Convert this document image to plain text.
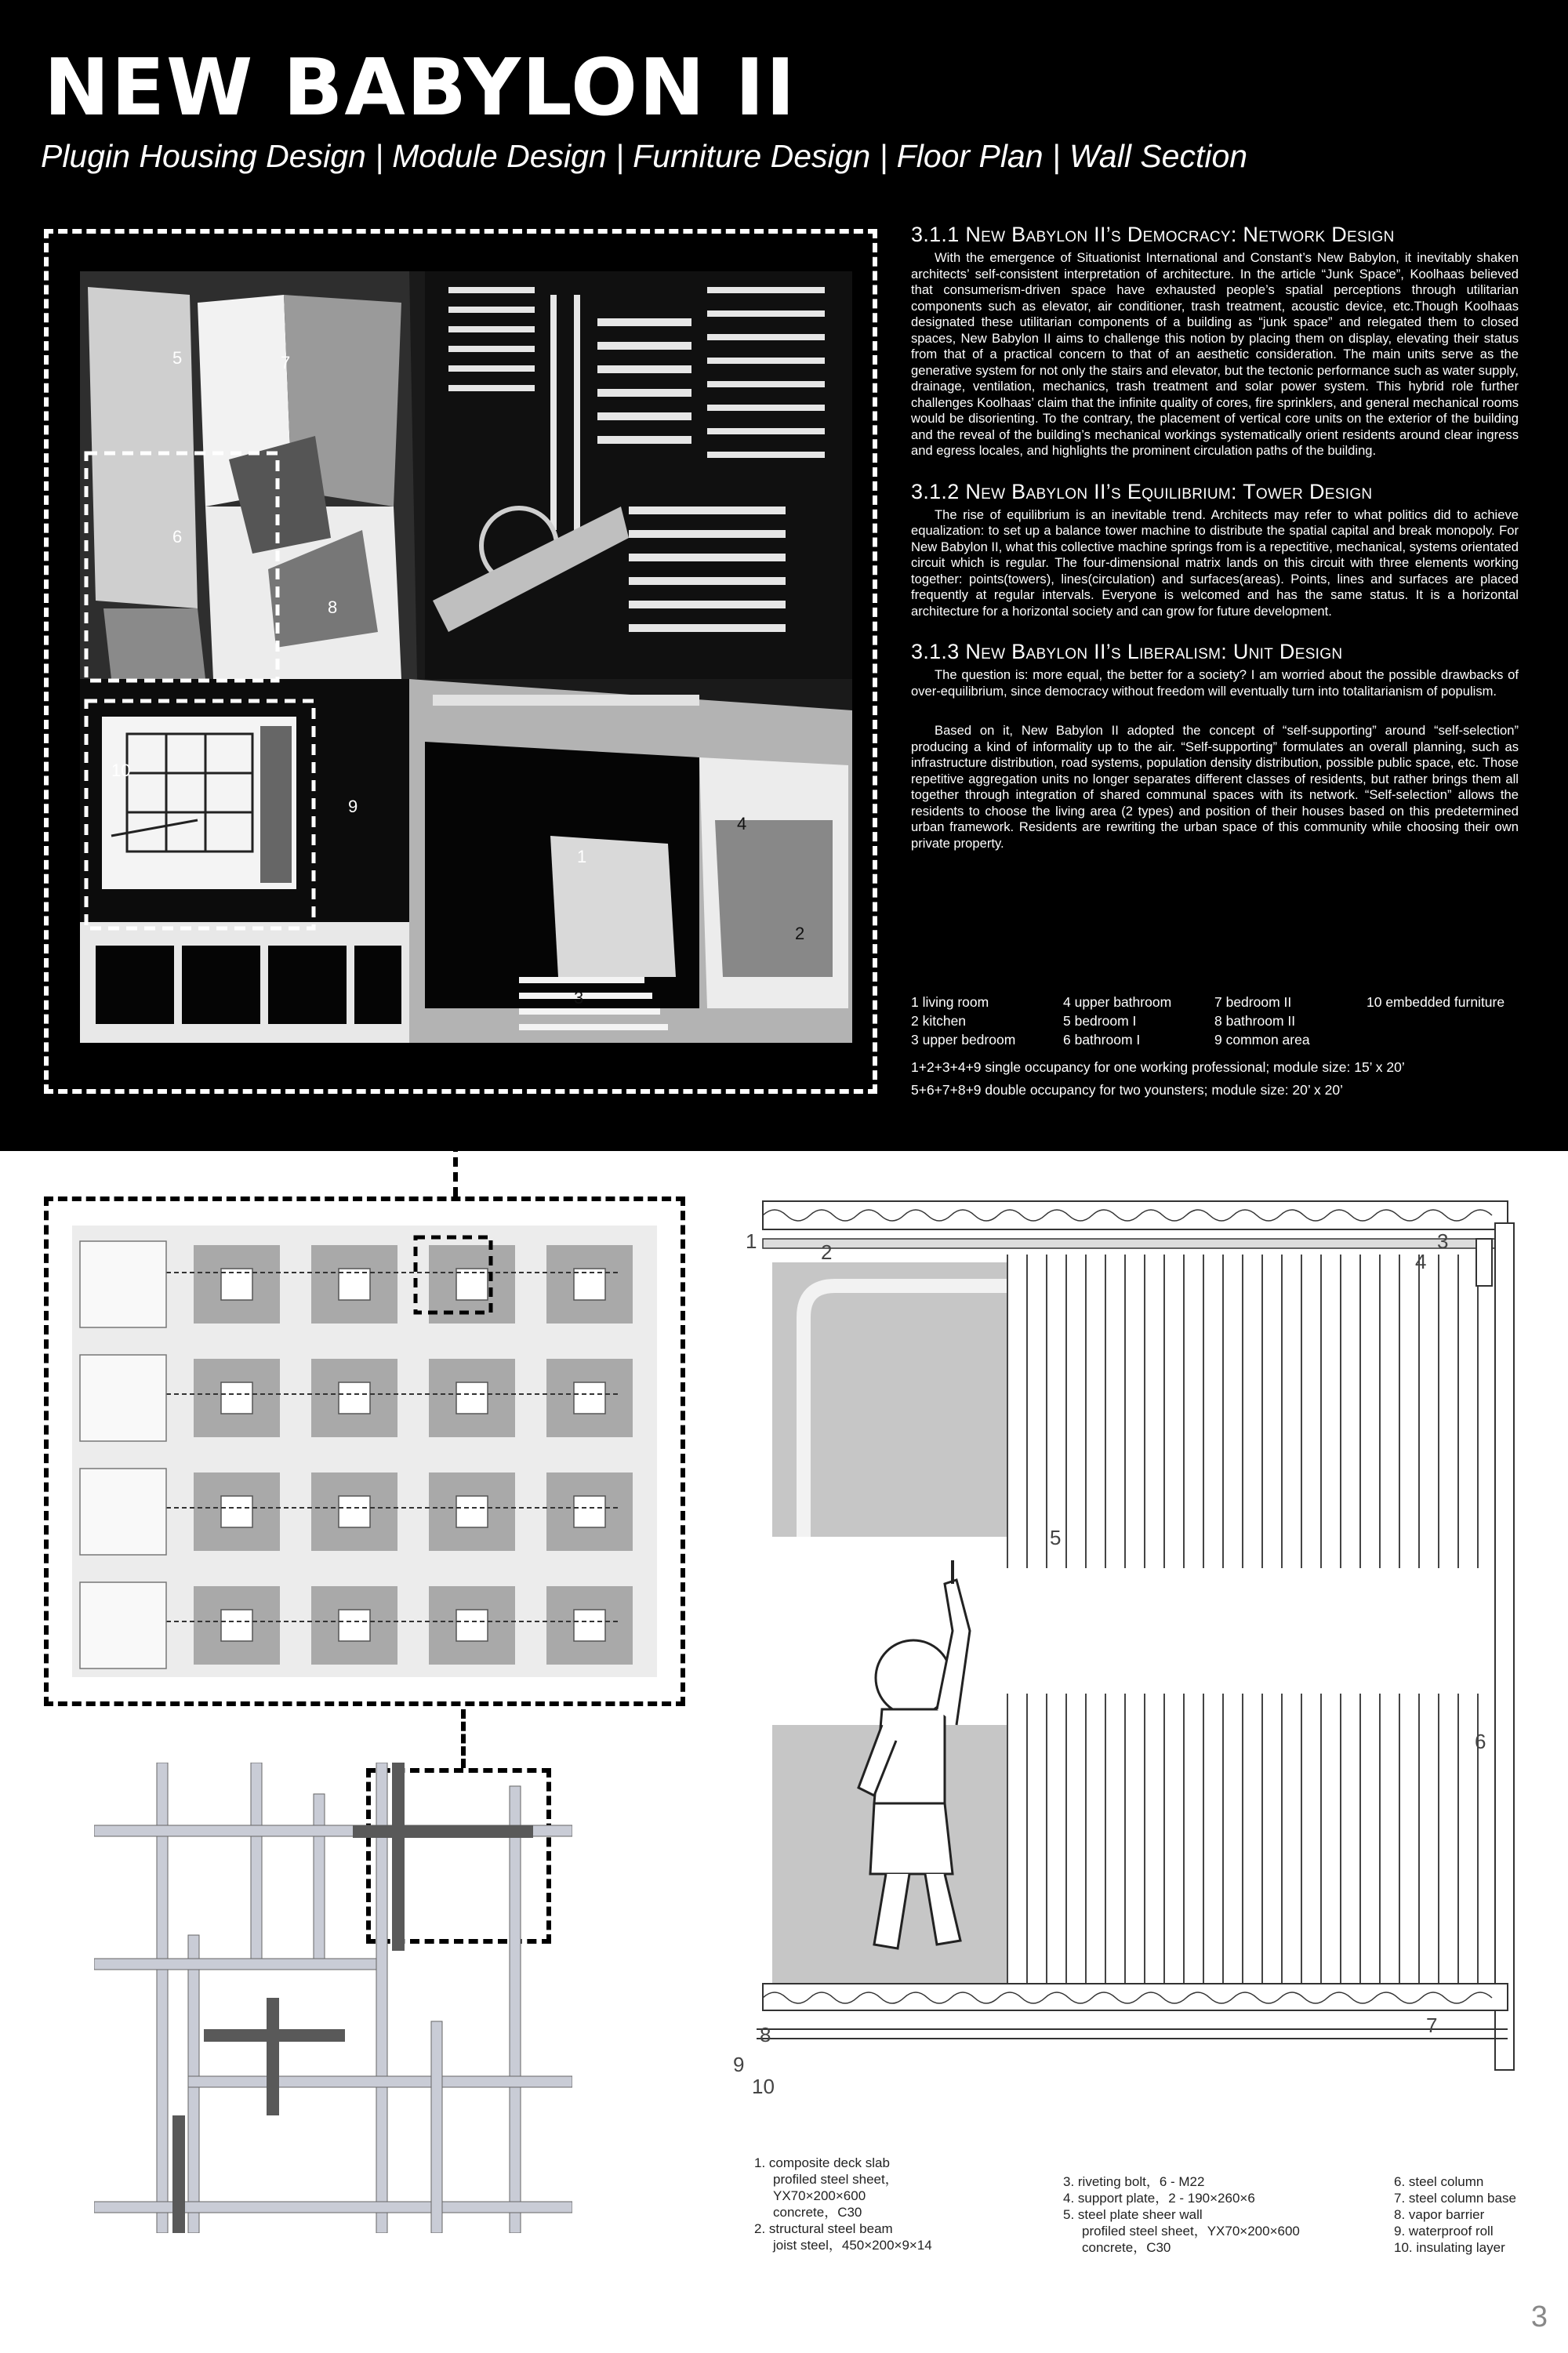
NEW BABYLON II
Plugin Housing Design | Module Design | Furniture Design | Floor Plan | Wall Section
1
2
3
4
5	7
6
8
9
10
3.1.1 New Babylon II’s Democracy: Network Design

With the emergence of Situationist International and Constant’s New Babylon, it inevitably shaken architects’ self-consistent interpretation of architecture. In the article “Junk Space”, Koolhaas believed that consumerism-driven space have exhausted people’s spatial perceptions through utilitarian components such as elevator, air conditioner, trash treatment, acoustic device, etc.Though Koolhaas designated these utilitarian components of a building as “junk space” and relegated them to closed spaces, New Babylon II aims to challenge this notion by placing them on display, elevating their status from that of a practical concern to that of an aesthetic consideration. The main units serve as the generative system for not only the stairs and elevator, but the tectonic performance such as water supply, drainage, ventilation, mechanics, trash treatment and solar power system. This hybrid role further challenges Koolhaas’ claim that the infinite quality of cores, fire sprinklers, and general mechanical rooms would be disorienting. To the contrary, the placement of vertical core units on the exterior of the building and the reveal of the building’s mechanical workings systematically orient residents around clear ingress and egress locales, and highlights the prominent circulation paths of the building.

3.1.2 New Babylon II’s Equilibrium: Tower Design

The rise of equilibrium is an inevitable trend. Architects may refer to what politics did to achieve equalization: to set up a balance tower machine to distribute the spatial capital and break monopoly. For New Babylon II, what this collective machine springs from is a repectitive, mechanical, systems orientated circuit which is regular. The four-dimensional matrix lands on this circuit with three elements working together: points(towers), lines(circulation) and surfaces(areas). Points, lines and surfaces are placed frequently at regular intervals. Everyone is welcomed and has the same status. It is a horizontal architecture for a horizontal society and can grow for future development.

3.1.3 New Babylon II’s Liberalism: Unit Design

The question is: more equal, the better for a society? I am worried about the possible drawbacks of over-equilibrium, since democracy without freedom will eventually turn into totalitarianism of populism.

Based on it, New Babylon II adopted the concept of “self-supporting” around “self-selection” producing a kind of informality up to the air. “Self-supporting” formulates an overall planning, such as infrastructure distribution, road systems, population density distribution, possible public space, etc. Those repetitive aggregation units no longer separates different classes of residents, but rather brings them all together through integration of shared communal spaces with its network. “Self-selection” allows the residents to choose the living area (2 types) and position of their houses based on this predetermined urban framework. Residents are rewriting the urban space of this community while choosing their own private property.

1 living room	4 upper bathroom	7 bedroom II	10 embedded furniture
2 kitchen	5 bedroom I	8 bathroom II
3 upper bedroom	6 bathroom I	9 common area
1+2+3+4+9 single occupancy for one working professional; module size: 15’ x 20’
5+6+7+8+9 double occupancy for two younsters; module size: 20’ x 20’
1	2	3
4
5
6
7
8
9
10
1. composite deck slab
profiled steel sheet，
YX70×200×600
concrete，C30
2. structural steel beam
joist steel，450×200×9×14
3. riveting bolt，6 - M22
4. support plate，2 - 190×260×6
5. steel plate sheer wall
profiled steel sheet，YX70×200×600
concrete，C30
6. steel column
7. steel column base
8. vapor barrier
9. waterproof roll
10. insulating layer
3
